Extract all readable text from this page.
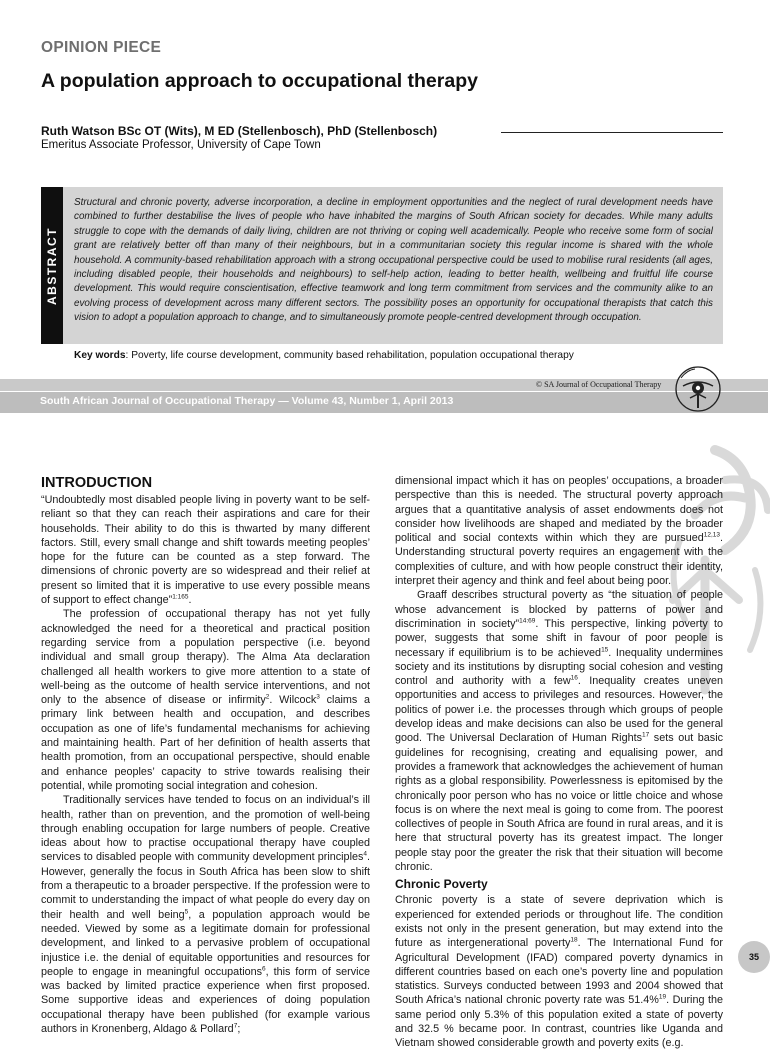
OPINION PIECE
A population approach to occupational therapy
Ruth Watson BSc OT (Wits), M ED (Stellenbosch), PhD (Stellenbosch)
Emeritus Associate Professor, University of Cape Town
ABSTRACT

Structural and chronic poverty, adverse incorporation, a decline in employment opportunities and the neglect of rural development needs have combined to further destabilise the lives of people who have inhabited the margins of South African society for decades. While many adults struggle to cope with the demands of daily living, children are not thriving or coping well academically. People who receive some form of social grant are relatively better off than many of their neighbours, but in a communitarian society this regular income is shared with the whole household. A community-based rehabilitation approach with a strong occupational perspective could be used to mobilise rural residents (all ages, including disabled people, their households and neighbours) to self-help action, leading to better health, wellbeing and fruitful life course development. This would require conscientisation, effective teamwork and long term commitment from services and the community alike to an evolving process of development across many different sectors. The possibility poses an opportunity for occupational therapists that catch this vision to adopt a population approach to change, and to simultaneously promote people-centred development through occupation.

Key words: Poverty, life course development, community based rehabilitation, population occupational therapy
© SA Journal of Occupational Therapy
South African Journal of Occupational Therapy — Volume 43, Number 1, April 2013
INTRODUCTION

“Undoubtedly most disabled people living in poverty want to be self-reliant so that they can reach their aspirations and care for their households. Their ability to do this is thwarted by many different factors. Still, every small change and shift towards meeting peoples’ hope for the future can be counted as a step forward. The dimensions of chronic poverty are so widespread and their relief at present so limited that it is imperative to use every possible means of support to effect change”$^{1:165}$.

The profession of occupational therapy has not yet fully acknowledged the need for a theoretical and practical position regarding service from a population perspective (i.e. beyond individual and small group therapy). The Alma Ata declaration challenged all health workers to give more attention to a state of well-being as the outcome of health service interventions, and not only to the absence of disease or infirmity$^2$. Wilcock$^3$ claims a primary link between health and occupation, and describes occupation as one of life’s fundamental mechanisms for achieving and maintaining health. Part of her definition of health asserts that health promotion, from an occupational perspective, should enable and enhance peoples’ capacity to strive towards realising their potential, while promoting social integration and cohesion.

Traditionally services have tended to focus on an individual’s ill health, rather than on prevention, and the promotion of well-being through enabling occupation for large numbers of people. Creative ideas about how to practise occupational therapy have coupled services to disabled people with community development principles$^4$. However, generally the focus in South Africa has been slow to shift from a therapeutic to a broader perspective. If the profession were to commit to understanding the impact of what people do every day on their health and well being$^5$, a population approach would be needed. Viewed by some as a legitimate domain for professional development, and linked to a pervasive problem of occupational injustice i.e. the denial of equitable opportunities and resources for people to engage in meaningful occupations$^6$, this form of service was backed by limited practice experience when first proposed. Some supportive ideas and experiences of doing population occupational therapy have been published (for example various authors in Kronenberg, Aldago & Pollard$^7$;

dimensional impact which it has on peoples’ occupations, a broader perspective than this is needed. The structural poverty approach argues that a quantitative analysis of asset endowments does not consider how livelihoods are shaped and mediated by the broader political and social contexts within which they are pursued$^{12,13}$. Understanding structural poverty requires an engagement with the complexities of culture, and with how people construct their identity, interpret their agency and think and feel about being poor.

Graaff describes structural poverty as “the situation of people whose advancement is blocked by patterns of power and discrimination in society”$^{14:69}$. This perspective, linking poverty to power, suggests that some shift in favour of poor people is necessary if equilibrium is to be achieved$^{15}$. Inequality undermines society and its institutions by disrupting social cohesion and vesting control and authority with a few$^{16}$. Inequality creates uneven opportunities and access to privileges and resources. However, the politics of power i.e. the processes through which groups of people develop ideas and make decisions can also be used for the general good. The Universal Declaration of Human Rights$^{17}$ sets out basic guidelines for recognising, creating and equalising power, and provides a framework that acknowledges the achievement of human rights as a global responsibility. Powerlessness is epitomised by the chronically poor person who has no voice or little choice and whose focus is on where the next meal is going to come from. The poorest collectives of people in South Africa are found in rural areas, and it is here that structural poverty has its greatest impact. The longer people stay poor the greater the risk that their situation will become chronic.

Chronic Poverty

Chronic poverty is a state of severe deprivation which is experienced for extended periods or throughout life. The condition exists not only in the present generation, but may extend into the future as intergenerational poverty$^{18}$. The International Fund for Agricultural Development (IFAD) compared poverty dynamics in different countries based on each one’s poverty line and population statistics. Surveys conducted between 1993 and 2004 showed that South Africa’s national chronic poverty rate was 51.4%$^{19}$. During the same period only 5.3% of this population exited a state of poverty and 32.5 % became poor. In contrast, countries like Uganda and Vietnam showed considerable growth and poverty exits (e.g.

35
